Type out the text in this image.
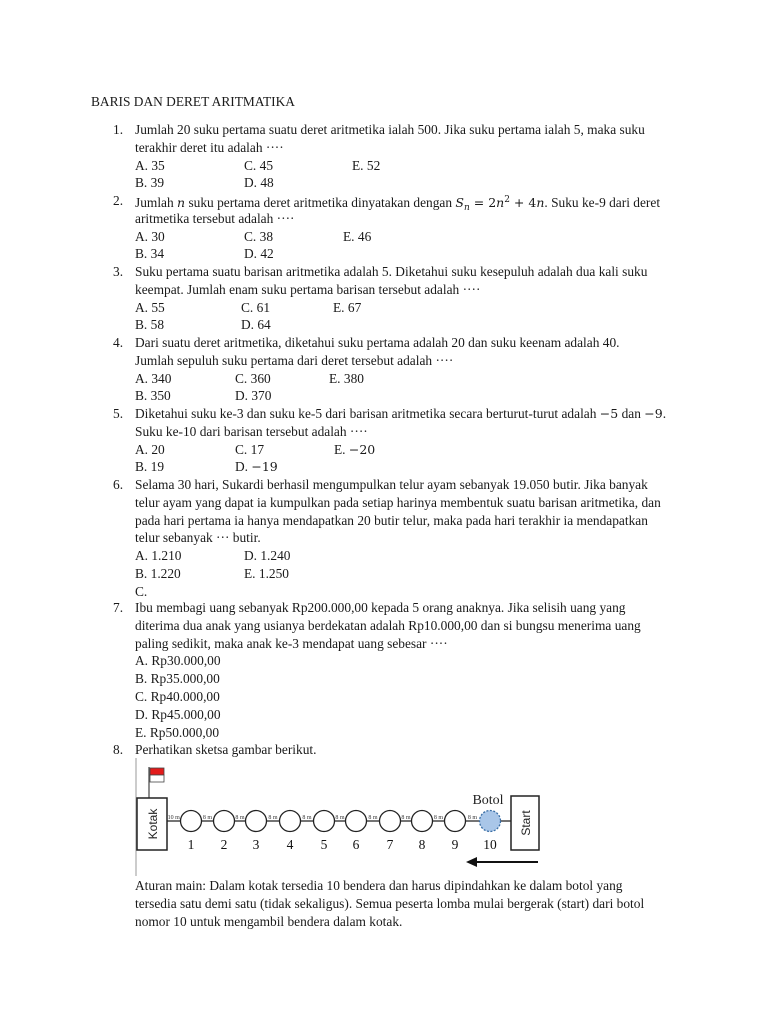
BARIS DAN DERET ARITMATIKA
1. Jumlah 20 suku pertama suatu deret aritmetika ialah 500. Jika suku pertama ialah 5, maka suku
terakhir deret itu adalah ····
A. 35	C. 45	E. 52
B. 39	D. 48
2. Jumlah n suku pertama deret aritmetika dinyatakan dengan $S_n = 2n^2 + 4n$. Suku ke-9 dari deret
aritmetika tersebut adalah ····
A. 30	C. 38	E. 46
B. 34	D. 42
3. Suku pertama suatu barisan aritmetika adalah 5. Diketahui suku kesepuluh adalah dua kali suku
keempat. Jumlah enam suku pertama barisan tersebut adalah ····
A. 55	C. 61	E. 67
B. 58	D. 64
4. Dari suatu deret aritmetika, diketahui suku pertama adalah 20 dan suku keenam adalah 40.
Jumlah sepuluh suku pertama dari deret tersebut adalah ····
A. 340	C. 360	E. 380
B. 350	D. 370
5. Diketahui suku ke-3 dan suku ke-5 dari barisan aritmetika secara berturut-turut adalah −5 dan −9.
Suku ke-10 dari barisan tersebut adalah ····
A. 20	C. 17	E. −20
B. 19	D. −19
6. Selama 30 hari, Sukardi berhasil mengumpulkan telur ayam sebanyak 19.050 butir. Jika banyak
telur ayam yang dapat ia kumpulkan pada setiap harinya membentuk suatu barisan aritmetika, dan
pada hari pertama ia hanya mendapatkan 20 butir telur, maka pada hari terakhir ia mendapatkan
telur sebanyak ··· butir.
A. 1.210	D. 1.240
B. 1.220	E. 1.250
C.
7. Ibu membagi uang sebanyak Rp200.000,00 kepada 5 orang anaknya. Jika selisih uang yang
diterima dua anak yang usianya berdekatan adalah Rp10.000,00 dan si bungsu menerima uang
paling sedikit, maka anak ke-3 mendapat uang sebesar ····
A. Rp30.000,00
B. Rp35.000,00
C. Rp40.000,00
D. Rp45.000,00
E. Rp50.000,00
8. Perhatikan sketsa gambar berikut.
Kotak	Start
Botol
10 m	8 m	8 m	8 m	8 m	8 m	8 m	8 m	8 m	8 m
1 2 3 4 5 6 7 8 9 10
Aturan main: Dalam kotak tersedia 10 bendera dan harus dipindahkan ke dalam botol yang
tersedia satu demi satu (tidak sekaligus). Semua peserta lomba mulai bergerak (start) dari botol
nomor 10 untuk mengambil bendera dalam kotak.
